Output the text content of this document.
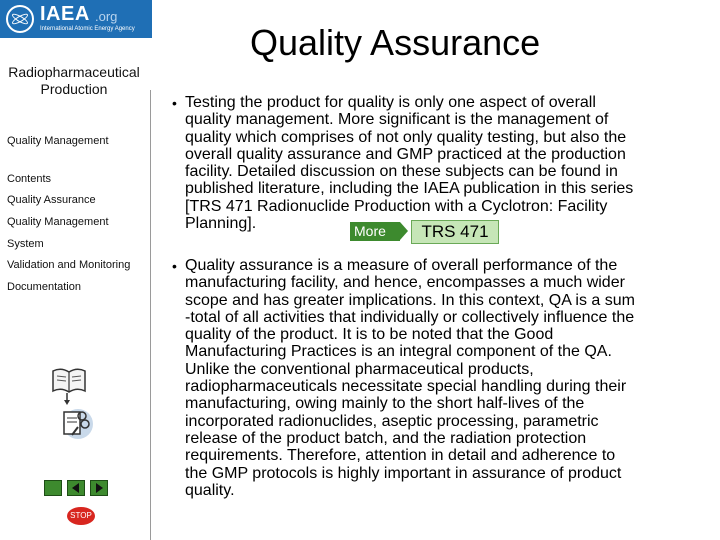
IAEA .org
International Atomic Energy Agency
Radiopharmaceutical
Production
Quality Management
Contents
Quality Assurance
Quality Management
System
Validation and Monitoring
Documentation
STOP
Quality Assurance
• Testing the product for quality is only one aspect of overall
quality management. More significant is the management of
quality which comprises of not only quality testing, but also the
overall quality assurance and GMP practiced at the production
facility. Detailed discussion on these subjects can be found in
published literature, including the IAEA publication in this series
[TRS 471 Radionuclide Production with a Cyclotron: Facility
Planning].	More	TRS 471
• Quality assurance is a measure of overall performance of the
manufacturing facility, and hence, encompasses a much wider
scope and has greater implications. In this context, QA is a sum
-total of all activities that individually or collectively influence the
quality of the product. It is to be noted that the Good
Manufacturing Practices is an integral component of the QA.
Unlike the conventional pharmaceutical products,
radiopharmaceuticals necessitate special handling during their
manufacturing, owing mainly to the short half-lives of the
incorporated radionuclides, aseptic processing, parametric
release of the product batch, and the radiation protection
requirements. Therefore, attention in detail and adherence to
the GMP protocols is highly important in assurance of product
quality.
